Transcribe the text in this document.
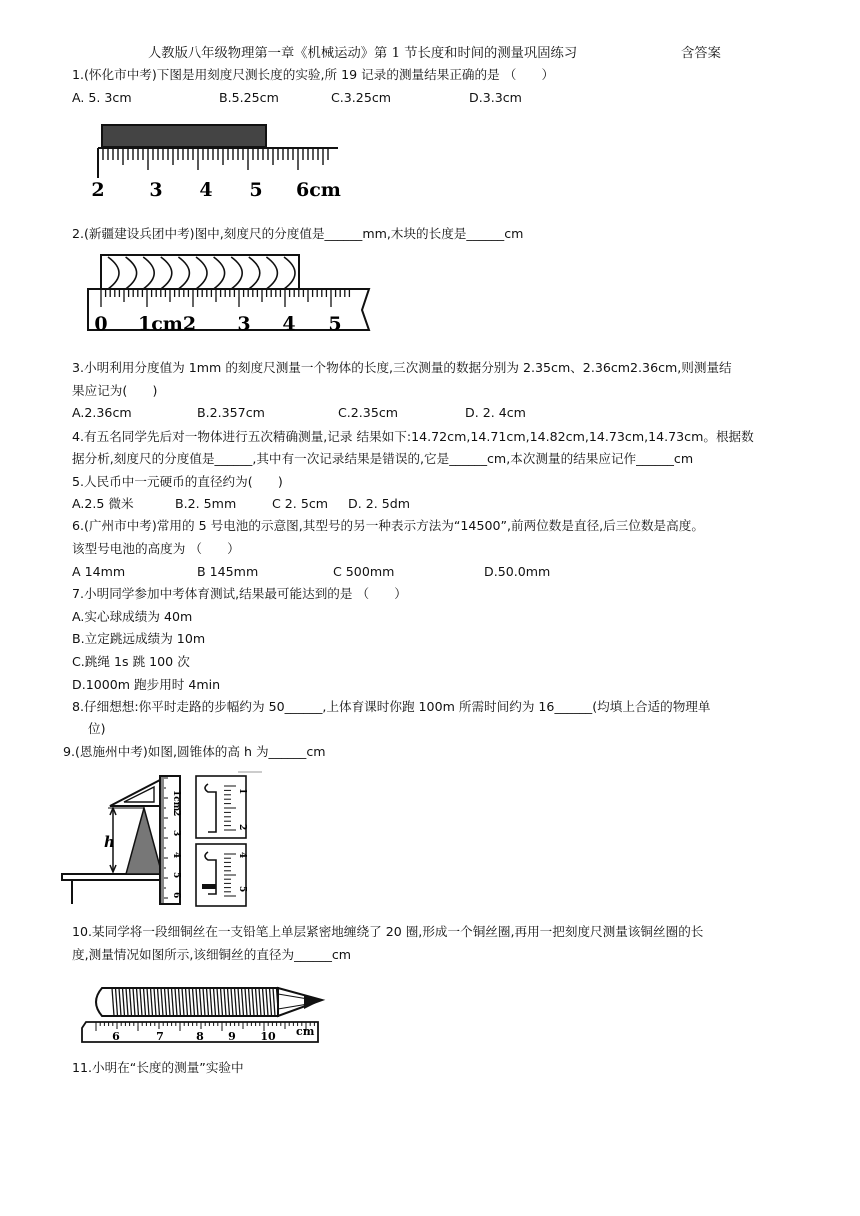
人教版八年级物理第一章《机械运动》第 1 节长度和时间的测量巩固练习	含答案
1.(怀化市中考)下图是用刻度尺测长度的实验,所 19 记录的测量结果正确的是 （　　）
A. 5. 3cm	B.5.25cm	C.3.25cm	D.3.3cm
2 3 4 5 6cm
2.(新疆建设兵团中考)图中,刻度尺的分度值是______mm,木块的长度是______cm
0 1cm2 3 4 5
3.小明利用分度值为 1mm 的刻度尺测量一个物体的长度,三次测量的数据分别为 2.35cm、2.36cm2.36cm,则测量结
果应记为(　　)
A.2.36cm	B.2.357cm	C.2.35cm	D. 2. 4cm
4.有五名同学先后对一物体进行五次精确测量,记录 结果如下:14.72cm,14.71cm,14.82cm,14.73cm,14.73cm。根据数
据分析,刻度尺的分度值是______,其中有一次记录结果是错误的,它是______cm,本次测量的结果应记作______cm
5.人民币中一元硬币的直径约为(　　)
A.2.5 微米	B.2. 5mm	C 2. 5cm D. 2. 5dm
6.(广州市中考)常用的 5 号电池的示意图,其型号的另一种表示方法为“14500”,前两位数是直径,后三位数是高度。
该型号电池的高度为 （　　）
A 14mm	B 145mm	C 500mm	D.50.0mm
7.小明同学参加中考体育测试,结果最可能达到的是 （　　）
A.实心球成绩为 40m
B.立定跳远成绩为 10m
C.跳绳 1s 跳 100 次
D.1000m 跑步用时 4min
8.仔细想想:你平时走路的步幅约为 50______,上体育课时你跑 100m 所需时间约为 16______(均填上合适的物理单
位)
9.(恩施州中考)如图,圆锥体的高 h 为______cm
h
1cm
2
3
4
5
6
1
2
4
5
10.某同学将一段细铜丝在一支铅笔上单层紧密地缠绕了 20 圈,形成一个铜丝圈,再用一把刻度尺测量该铜丝圈的长
度,测量情况如图所示,该细铜丝的直径为______cm
6	7	8 9 10 cm
11.小明在“长度的测量”实验中
